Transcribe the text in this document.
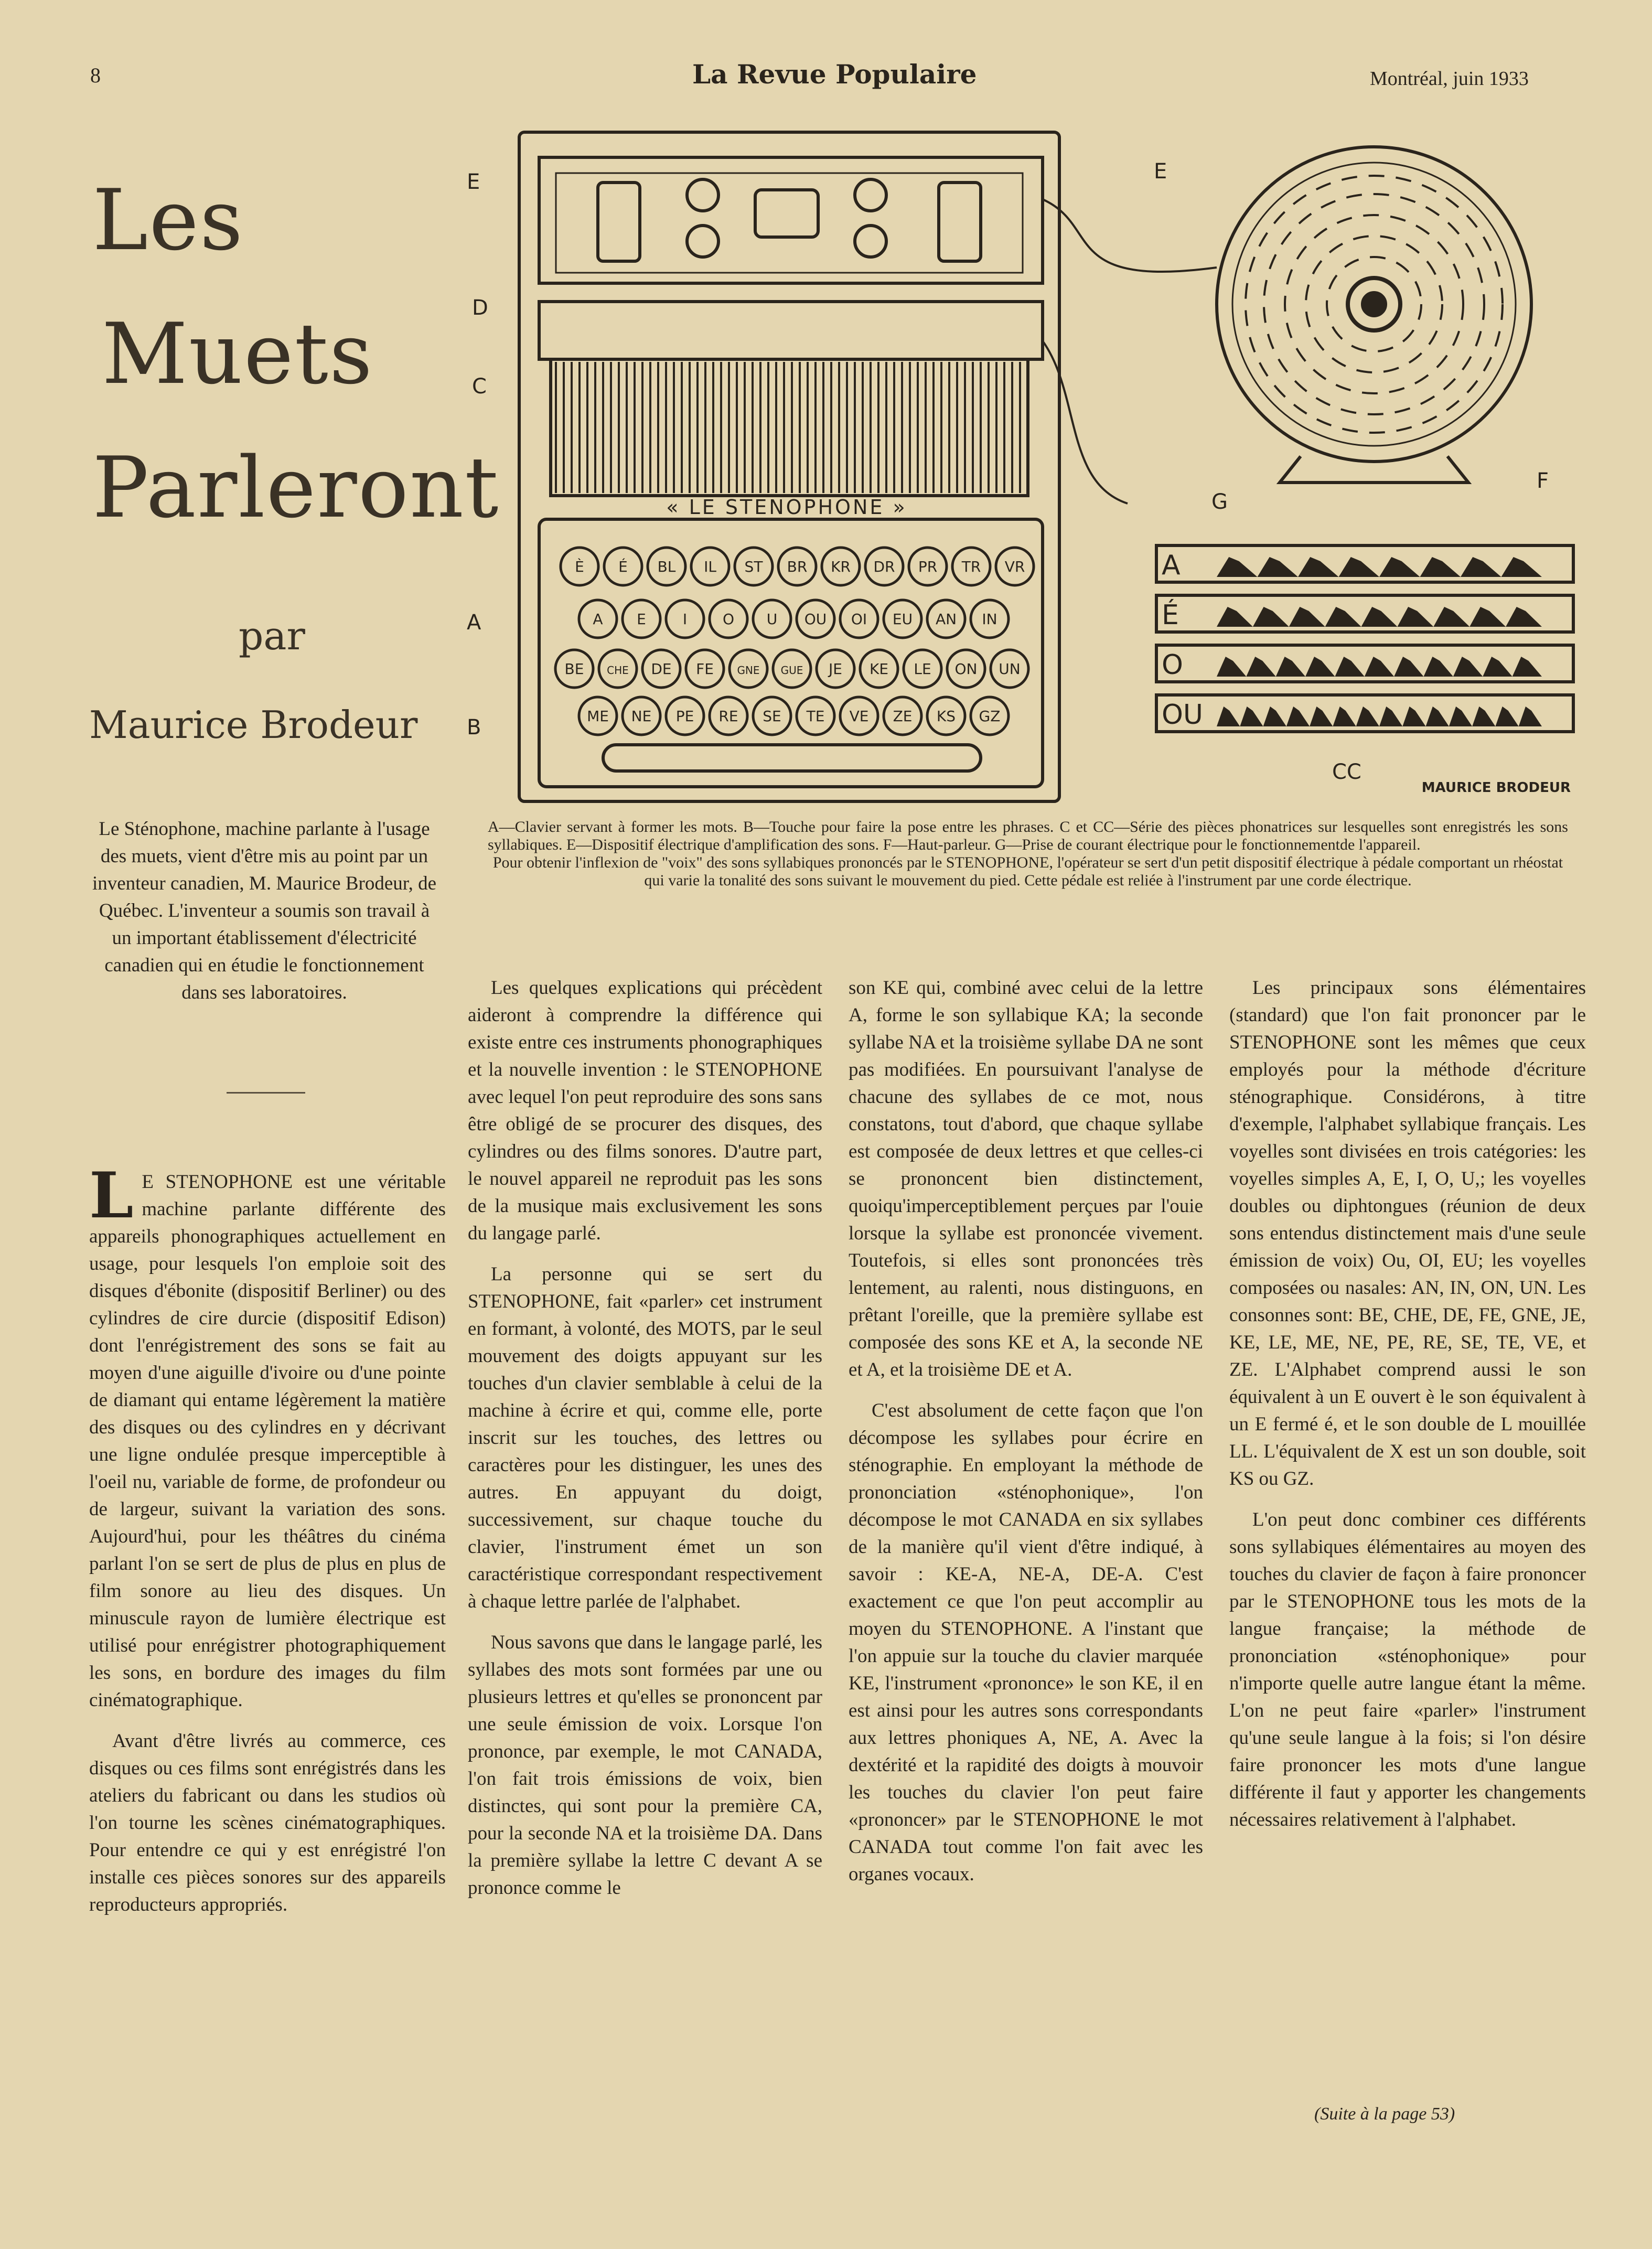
8	La Revue Populaire	Montréal, juin 1933
Les
Muets
Parleront
par
Maurice Brodeur
Le Sténophone, machine parlante à l'usage des muets, vient d'être mis au point par un inventeur canadien, M. Maurice Brodeur, de Québec. L'inventeur a soumis son travail à un important établissement d'électricité canadien qui en étudie le fonctionnement dans ses laboratoires.
È É BL IL ST BR KR DR PR TR VR
A E	I O U OU OI EU AN IN
BE CHE DE FE GNE GUE JE KE LE ON UN
ME NE PE RE SE TE VE ZE KS GZ
A
É
O
OU
E	E
D
C
A
B
F
G
CC
« LE STENOPHONE »
MAURICE BRODEUR

A—Clavier servant à former les mots. B—Touche pour faire la pose entre les phrases. C et CC—Série des pièces phonatrices sur lesquelles sont enregistrés les sons syllabiques. E—Dispositif électrique d'amplification des sons. F—Haut-parleur. G—Prise de courant électrique pour le fonctionnementde l'appareil.

Pour obtenir l'inflexion de "voix" des sons syllabiques prononcés par le STENOPHONE, l'opérateur se sert d'un petit dispositif électrique à pédale comportant un rhéostat qui varie la tonalité des sons suivant le mouvement du pied. Cette pédale est reliée à l'instrument par une corde électrique.

L E STENOPHONE est une véritable machine parlante différente des appareils phonographiques actuellement en usage, pour lesquels l'on emploie soit des disques d'ébonite (dispositif Berliner) ou des cylindres de cire durcie (dispositif Edison) dont l'enrégistrement des sons se fait au moyen d'une aiguille d'ivoire ou d'une pointe de diamant qui entame légèrement la matière des disques ou des cylindres en y décrivant une ligne ondulée presque imperceptible à l'oeil nu, variable de forme, de profondeur ou de largeur, suivant la variation des sons. Aujourd'hui, pour les théâtres du cinéma parlant l'on se sert de plus de plus en plus de film sonore au lieu des disques. Un minuscule rayon de lumière électrique est utilisé pour enrégistrer photographiquement les sons, en bordure des images du film cinématographique.

Avant d'être livrés au commerce, ces disques ou ces films sont enrégistrés dans les ateliers du fabricant ou dans les studios où l'on tourne les scènes cinématographiques. Pour entendre ce qui y est enrégistré l'on installe ces pièces sonores sur des appareils reproducteurs appropriés.

Les quelques explications qui précèdent aideront à comprendre la différence qui existe entre ces instruments phonographiques et la nouvelle invention : le STENOPHONE avec lequel l'on peut reproduire des sons sans être obligé de se procurer des disques, des cylindres ou des films sonores. D'autre part, le nouvel appareil ne reproduit pas les sons de la musique mais exclusivement les sons du langage parlé.

La personne qui se sert du STENOPHONE, fait «parler» cet instrument en formant, à volonté, des MOTS, par le seul mouvement des doigts appuyant sur les touches d'un clavier semblable à celui de la machine à écrire et qui, comme elle, porte inscrit sur les touches, des lettres ou caractères pour les distinguer, les unes des autres. En appuyant du doigt, successivement, sur chaque touche du clavier, l'instrument émet un son caractéristique correspondant respectivement à chaque lettre parlée de l'alphabet.

Nous savons que dans le langage parlé, les syllabes des mots sont formées par une ou plusieurs lettres et qu'elles se prononcent par une seule émission de voix. Lorsque l'on prononce, par exemple, le mot CANADA, l'on fait trois émissions de voix, bien distinctes, qui sont pour la première CA, pour la seconde NA et la troisième DA. Dans la première syllabe la lettre C devant A se prononce comme le

son KE qui, combiné avec celui de la lettre A, forme le son syllabique KA; la seconde syllabe NA et la troisième syllabe DA ne sont pas modifiées. En poursuivant l'analyse de chacune des syllabes de ce mot, nous constatons, tout d'abord, que chaque syllabe est composée de deux lettres et que celles-ci se prononcent bien distinctement, quoiqu'imperceptiblement perçues par l'ouie lorsque la syllabe est prononcée vivement. Toutefois, si elles sont prononcées très lentement, au ralenti, nous distinguons, en prêtant l'oreille, que la première syllabe est composée des sons KE et A, la seconde NE et A, et la troisième DE et A.

C'est absolument de cette façon que l'on décompose les syllabes pour écrire en sténographie. En employant la méthode de prononciation «sténophonique», l'on décompose le mot CANADA en six syllabes de la manière qu'il vient d'être indiqué, à savoir : KE-A, NE-A, DE-A. C'est exactement ce que l'on peut accomplir au moyen du STENOPHONE. A l'instant que l'on appuie sur la touche du clavier marquée KE, l'instrument «prononce» le son KE, il en est ainsi pour les autres sons correspondants aux lettres phoniques A, NE, A. Avec la dextérité et la rapidité des doigts à mouvoir les touches du clavier l'on peut faire «prononcer» par le STENOPHONE le mot CANADA tout comme l'on fait avec les organes vocaux.

Les principaux sons élémentaires (standard) que l'on fait prononcer par le STENOPHONE sont les mêmes que ceux employés pour la méthode d'écriture sténographique. Considérons, à titre d'exemple, l'alphabet syllabique français. Les voyelles sont divisées en trois catégories: les voyelles simples A, E, I, O, U,; les voyelles doubles ou diphtongues (réunion de deux sons entendus distinctement mais d'une seule émission de voix) Ou, OI, EU; les voyelles composées ou nasales: AN, IN, ON, UN. Les consonnes sont: BE, CHE, DE, FE, GNE, JE, KE, LE, ME, NE, PE, RE, SE, TE, VE, et ZE. L'Alphabet comprend aussi le son équivalent à un E ouvert è le son équivalent à un E fermé é, et le son double de L mouillée LL. L'équivalent de X est un son double, soit KS ou GZ.

L'on peut donc combiner ces différents sons syllabiques élémentaires au moyen des touches du clavier de façon à faire prononcer par le STENOPHONE tous les mots de la langue française; la méthode de prononciation «sténophonique» pour n'importe quelle autre langue étant la même. L'on ne peut faire «parler» l'instrument qu'une seule langue à la fois; si l'on désire faire prononcer les mots d'une langue différente il faut y apporter les changements nécessaires relativement à l'alphabet.

(Suite à la page 53)
